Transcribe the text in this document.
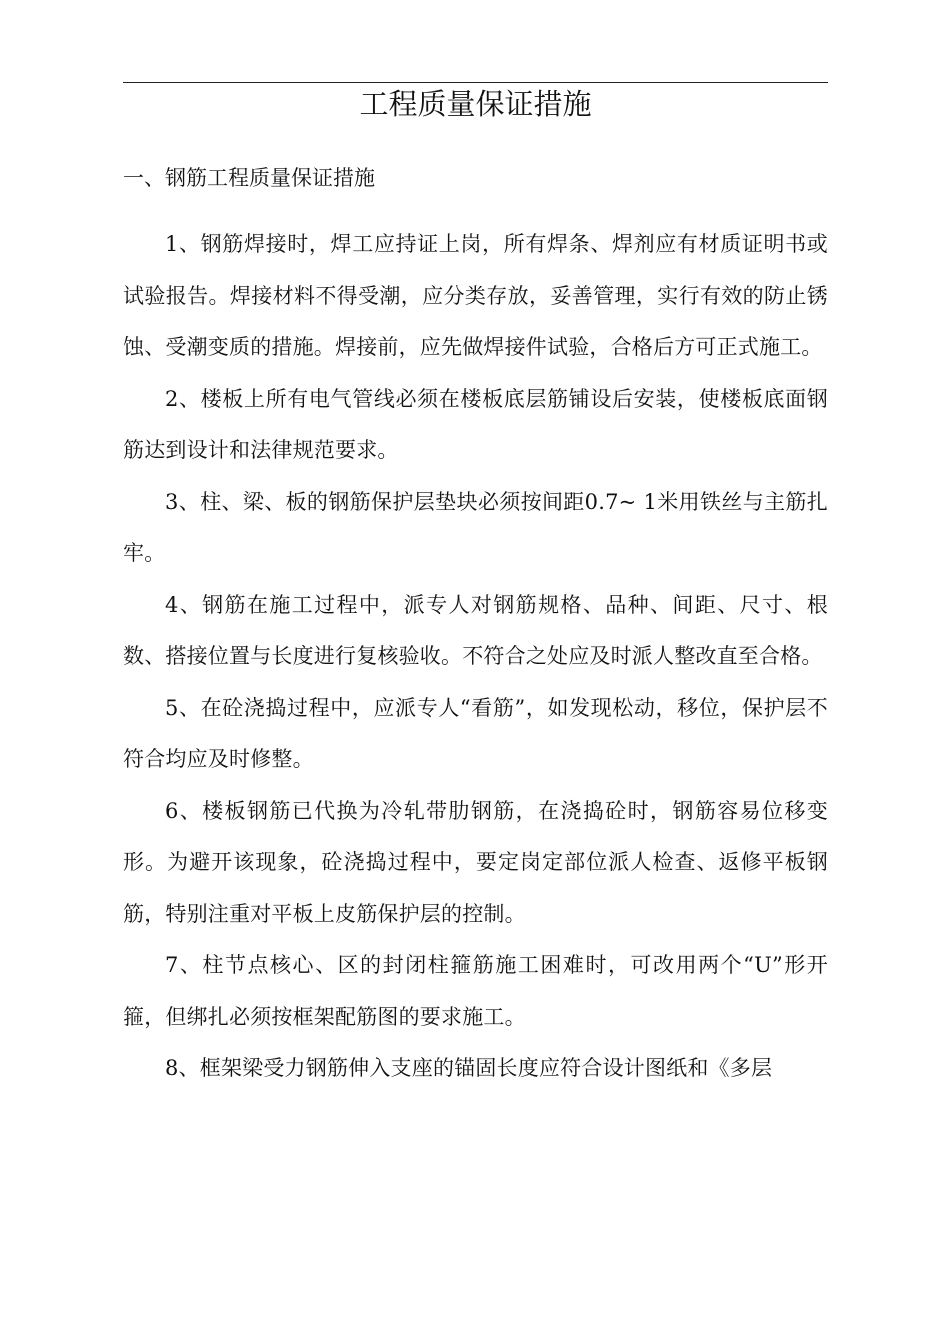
工程质量保证措施
一、钢筋工程质量保证措施

1、钢筋焊接时，焊工应持证上岗，所有焊条、焊剂应有材质证明书或试验报告。焊接材料不得受潮，应分类存放，妥善管理，实行有效的防止锈蚀、受潮变质的措施。焊接前，应先做焊接件试验，合格后方可正式施工。

2、楼板上所有电气管线必须在楼板底层筋铺设后安装，使楼板底面钢筋达到设计和法律规范要求。

3、柱、梁、板的钢筋保护层垫块必须按间距0.7~ 1米用铁丝与主筋扎牢。

4、钢筋在施工过程中，派专人对钢筋规格、品种、间距、尺寸、根数、搭接位置与长度进行复核验收。不符合之处应及时派人整改直至合格。

5、在砼浇捣过程中，应派专人“看筋”，如发现松动，移位，保护层不符合均应及时修整。

6、楼板钢筋已代换为冷轧带肋钢筋，在浇捣砼时，钢筋容易位移变形。为避开该现象，砼浇捣过程中，要定岗定部位派人检查、返修平板钢筋，特别注重对平板上皮筋保护层的控制。

7、柱节点核心、区的封闭柱箍筋施工困难时，可改用两个“U”形开箍，但绑扎必须按框架配筋图的要求施工。

8、框架梁受力钢筋伸入支座的锚固长度应符合设计图纸和《多层
